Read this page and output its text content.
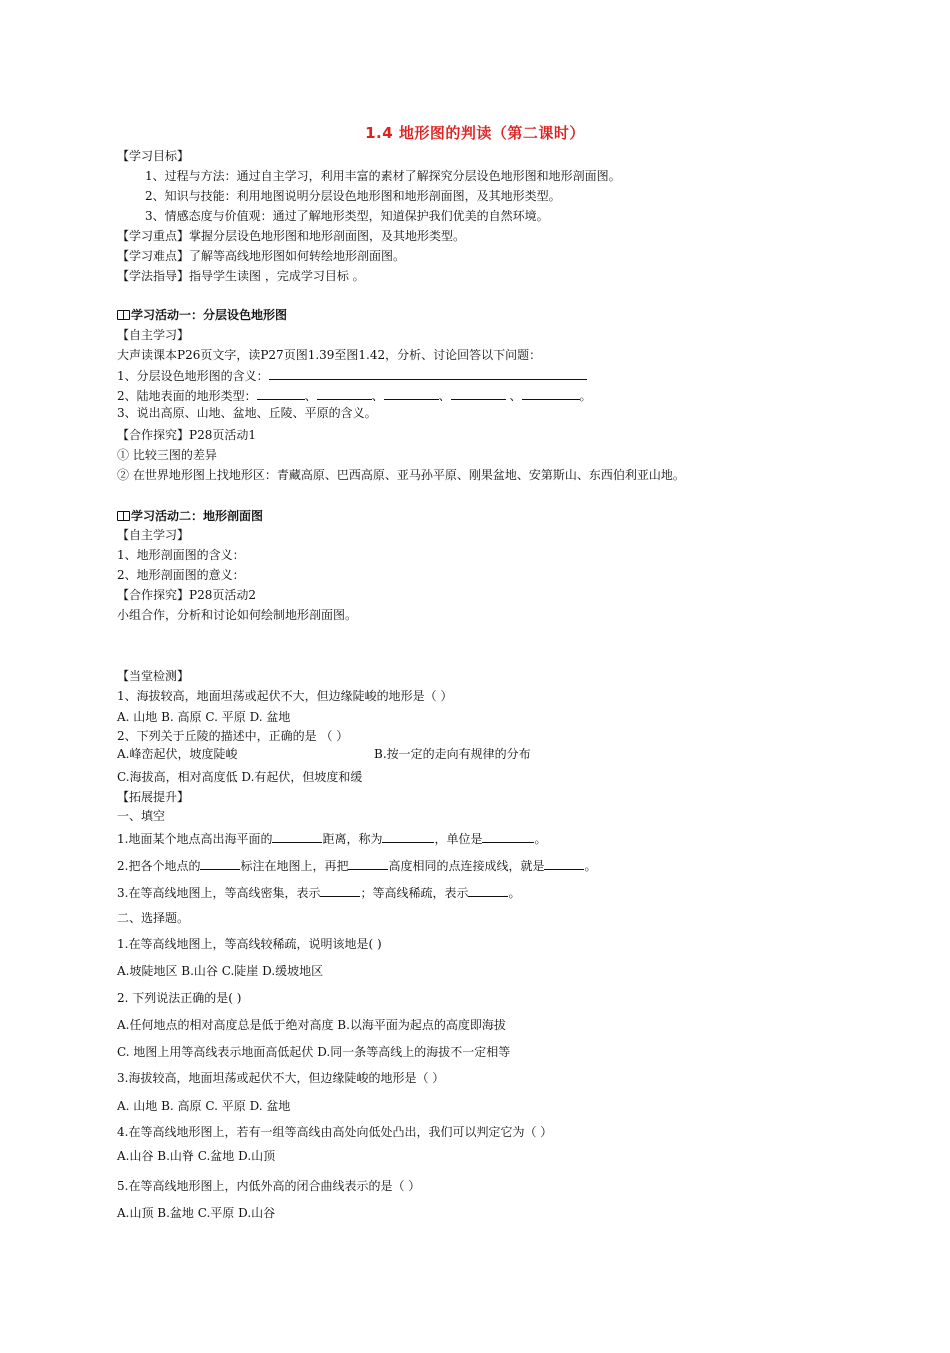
1.4 地形图的判读（第二课时）
【学习目标】
1、过程与方法：通过自主学习，利用丰富的素材了解探究分层设色地形图和地形剖面图。
2、知识与技能：利用地图说明分层设色地形图和地形剖面图，及其地形类型。
3、情感态度与价值观：通过了解地形类型，知道保护我们优美的自然环境。
【学习重点】掌握分层设色地形图和地形剖面图，及其地形类型。
【学习难点】了解等高线地形图如何转绘地形剖面图。
【学法指导】指导学生读图 ，完成学习目标 。
学习活动一：分层设色地形图
【自主学习】
大声读课本P26页文字，读P27页图1.39至图1.42，分析、讨论回答以下问题：
1、分层设色地形图的含义：
2、陆地表面的地形类型：	、	、	、	、	。
3、说出高原、山地、盆地、丘陵、平原的含义。
【合作探究】P28页活动1
① 比较三图的差异
② 在世界地形图上找地形区：青藏高原、巴西高原、亚马孙平原、刚果盆地、安第斯山、东西伯利亚山地。
学习活动二：地形剖面图
【自主学习】
1、地形剖面图的含义：
2、地形剖面图的意义：
【合作探究】P28页活动2
小组合作，分析和讨论如何绘制地形剖面图。
【当堂检测】
1、海拔较高，地面坦荡或起伏不大，但边缘陡峻的地形是（ ）
A. 山地 B. 高原 C. 平原 D. 盆地
2、下列关于丘陵的描述中，正确的是 （ ）
A.峰峦起伏，坡度陡峻	B.按一定的走向有规律的分布
C.海拔高，相对高度低 D.有起伏，但坡度和缓
【拓展提升】
一、填空
1.地面某个地点高出海平面的	距离，称为	，单位是	。
2.把各个地点的	标注在地图上，再把	高度相同的点连接成线，就是	。
3.在等高线地图上，等高线密集，表示	；等高线稀疏，表示	。
二、选择题。
1.在等高线地图上，等高线较稀疏，说明该地是( )
A.坡陡地区 B.山谷 C.陡崖 D.缓坡地区
2. 下列说法正确的是( )
A.任何地点的相对高度总是低于绝对高度 B.以海平面为起点的高度即海拔
C. 地图上用等高线表示地面高低起伏 D.同一条等高线上的海拔不一定相等
3.海拔较高，地面坦荡或起伏不大，但边缘陡峻的地形是（ ）
A. 山地 B. 高原 C. 平原 D. 盆地
4.在等高线地形图上，若有一组等高线由高处向低处凸出，我们可以判定它为（ ）
A.山谷 B.山脊 C.盆地 D.山顶
5.在等高线地形图上，内低外高的闭合曲线表示的是（ ）
A.山顶 B.盆地 C.平原 D.山谷
